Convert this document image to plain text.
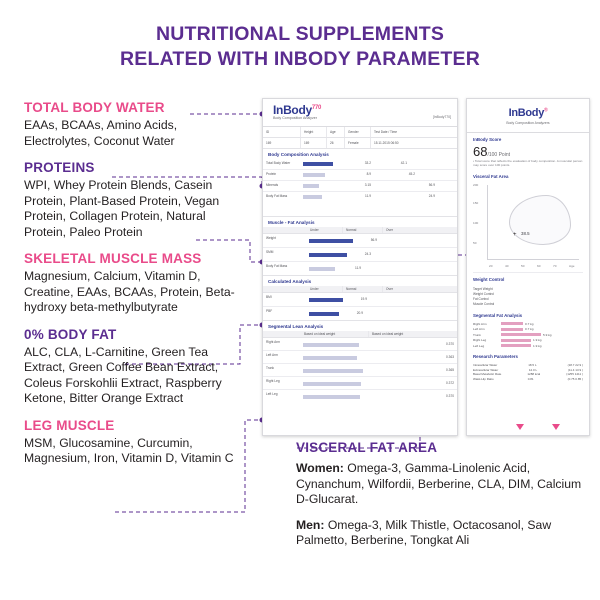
NUTRITIONAL SUPPLEMENTS
RELATED WITH INBODY PARAMETER
TOTAL BODY WATER

EAAs, BCAAs, Amino Acids, Electrolytes, Coconut Water

PROTEINS

WPI, Whey Protein Blends, Casein Protein, Plant-Based Protein, Vegan Protein, Collagen Protein, Natural Protein, Paleo Protein

SKELETAL MUSCLE MASS

Magnesium, Calcium, Vitamin D, Creatine, EAAs, BCAAs, Protein, Beta-hydroxy beta-methylbutyrate

0% BODY FAT

ALC, CLA, L-Carnitine, Green Tea Extract, Green Coffee Bean Extract, Coleus Forskohlii Extract, Raspberry Ketone, Bitter Orange Extract

LEG MUSCLE

MSM, Glucosamine, Curcumin, Magnesium, Iron, Vitamin D, Vitamin C

VISCERAL FAT AREA

Women: Omega-3, Gamma-Linolenic Acid, Cynanchum, Wilfordii, Berberine, CLA, DIM, Calcium D-Glucarat.

Men: Omega-3, Milk Thistle, Octacosanol, Saw Palmetto, Berberine, Tongkat Ali

InBody$^{770}$
Body Composition Analyzer	[InBody770]
ID	Height	Age	Gender	Test Date / Time
169	169	26	Female	15.11.2015 06:50
Body Composition Analysis
Total Body Water	33.2	42.1
Protein	8.9	45.2
Minerals	3.15	56.9
Body Fat Mass	11.9	24.9
Muscle - Fat Analysis
Under	Normal	Over
Weight	56.9
SMM	24.3
Body Fat Mass	11.9
Calculated Analysis
Under	Normal	Over
BMI	19.9
PBF	20.9
Segmental Lean Analysis
Based on ideal weight	Based on ideal weight
Right Arm	0.370
Left Arm	0.363
Trunk	0.365
Right Leg	0.372
Left Leg	0.370
InBody®
Body Composition Analyzers
InBody Score
68/100 Point
• Total score that reflects the evaluation of body composition. A muscular person may score over 100 points.
Visceral Fat Area
200
150
100
50
+ 38.5
20	40	50	60	70	Age
Weight Control
Target Weight
Weight Control
Fat Control
Muscle Control
Segmental Fat Analysis
Right Arm	0.7 kg
Left Arm	0.7 kg
Trunk	5.9 kg
Right Leg	1.9 kg
Left Leg	1.9 kg
Research Parameters
Intracellular Water	18.5 L	(18.7 22.9 )
Extracellular Water	12.0 L	(11.4 13.9 )
Basal Metabolic Rate	1288 kcal	(1255 1411 )
Waist-Hip Ratio	0.81	(0.75 0.85 )
